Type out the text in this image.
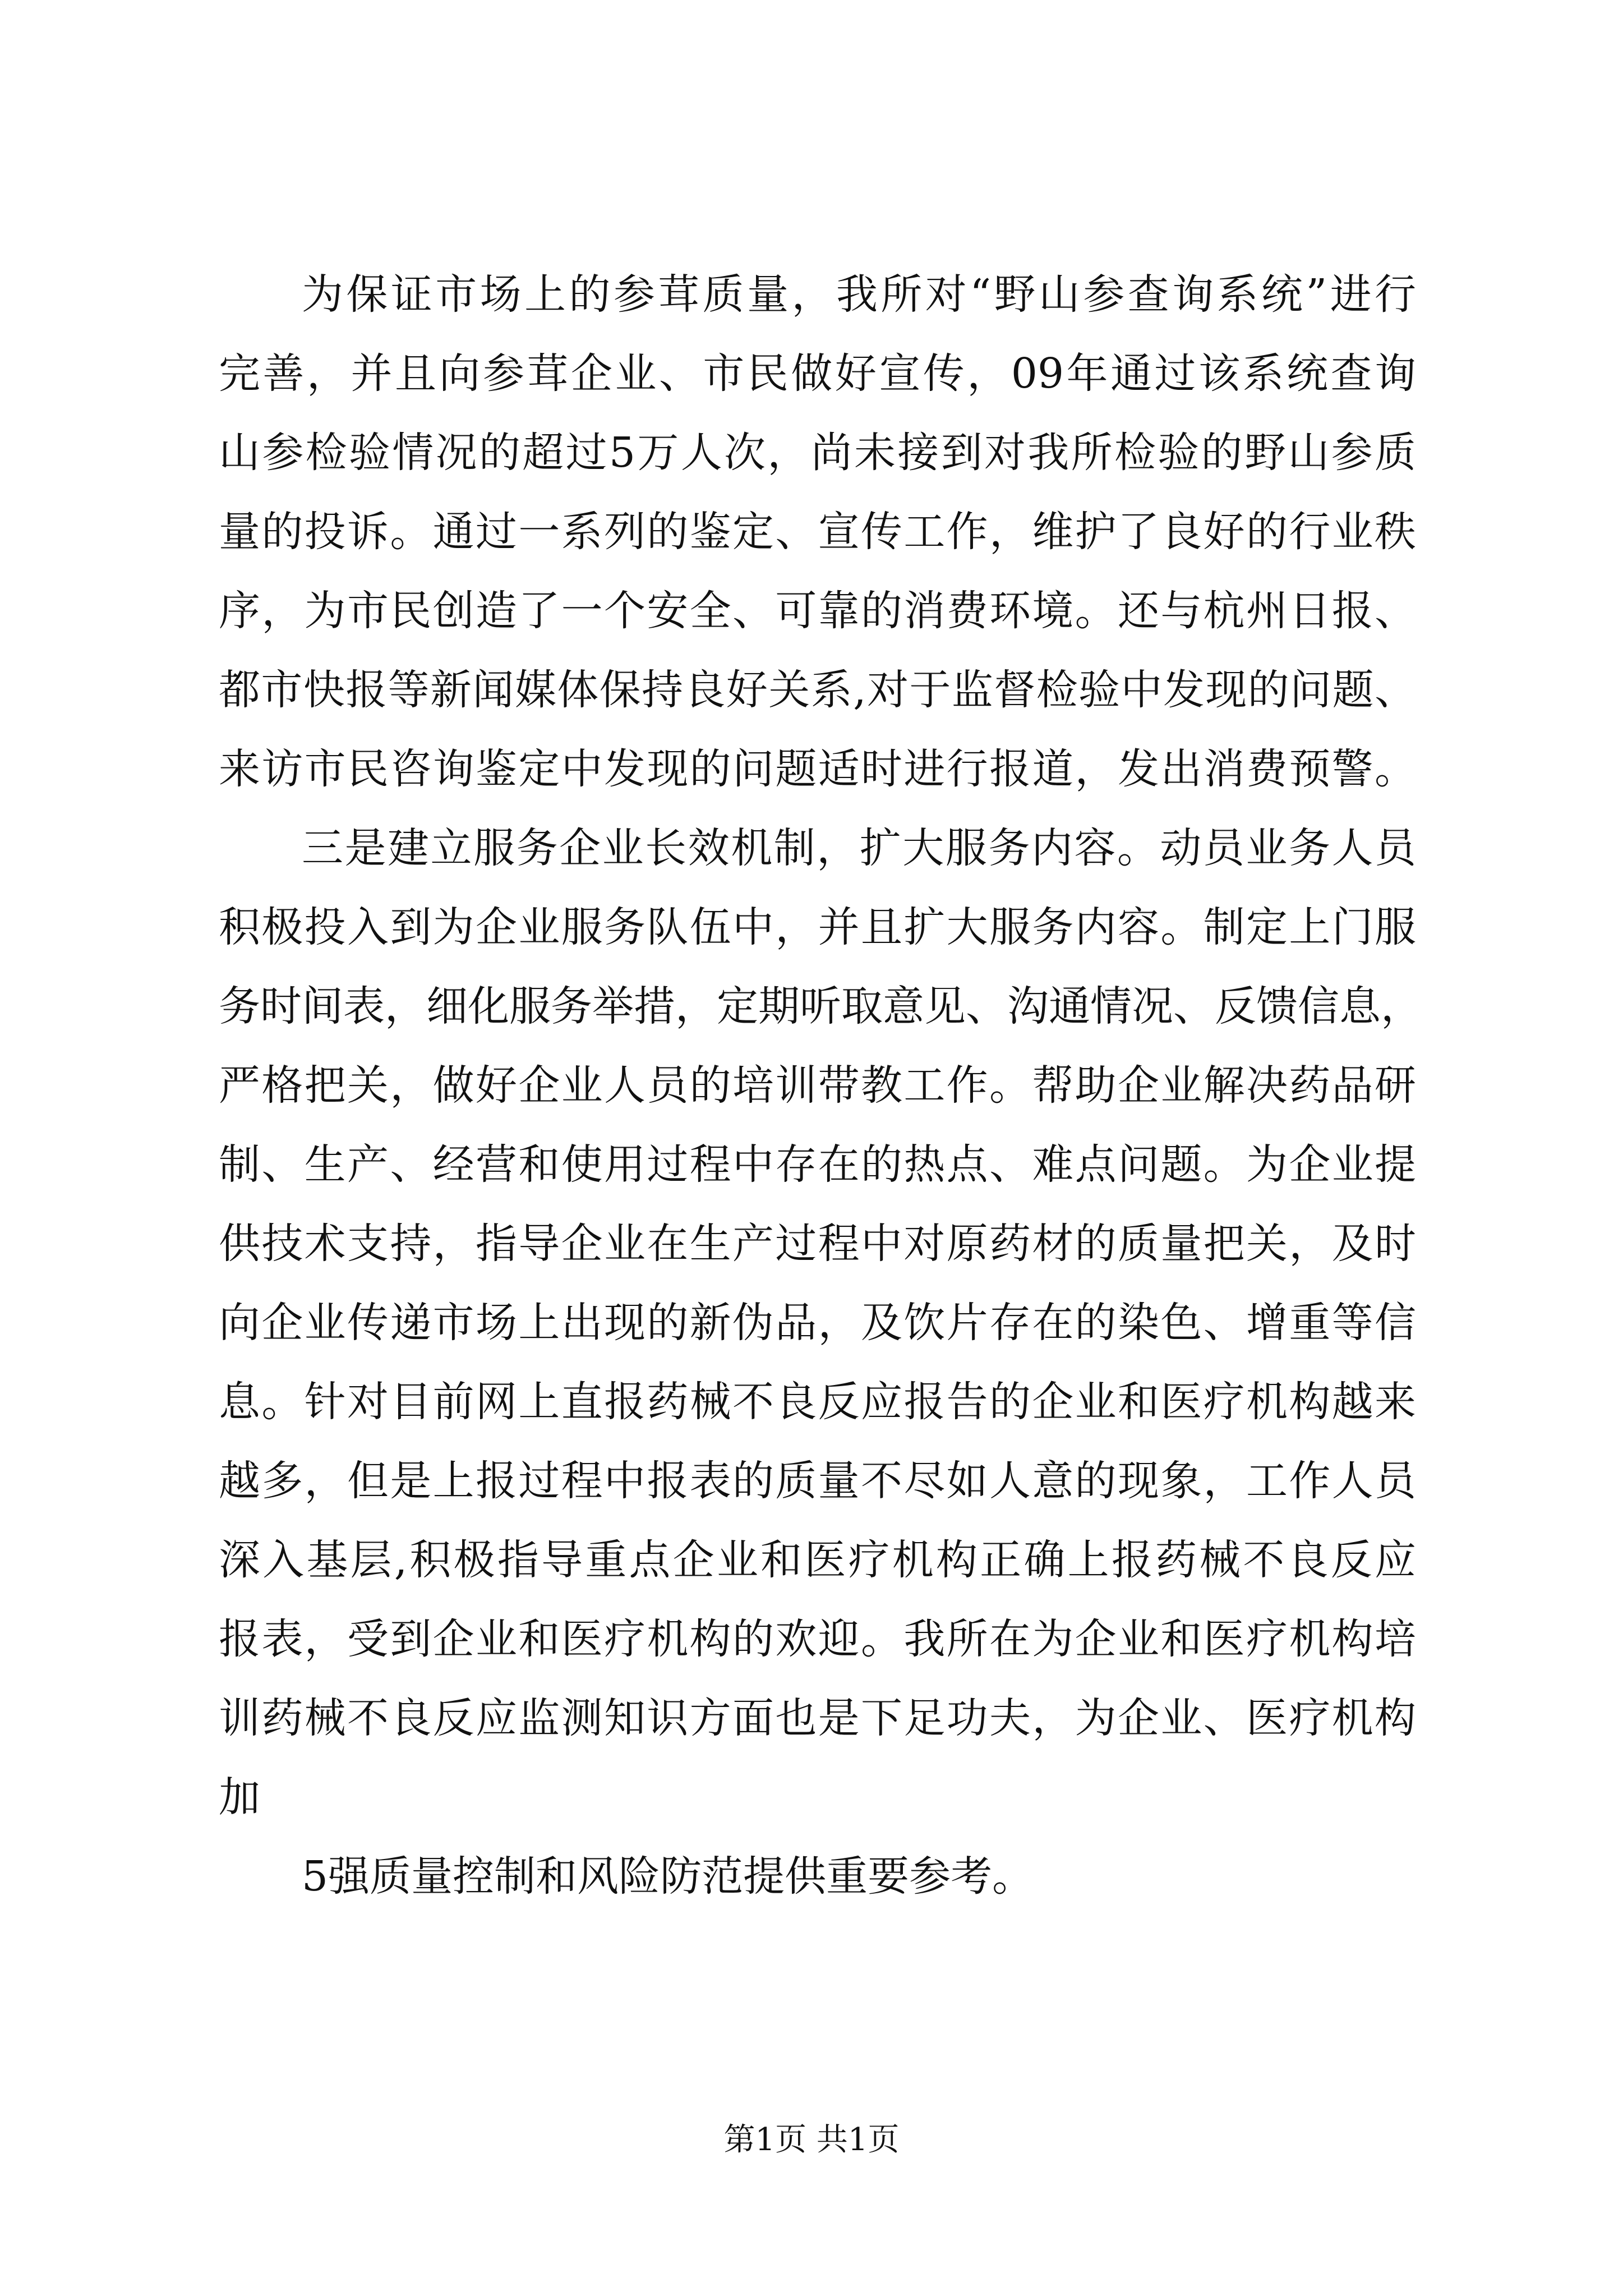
为保证市场上的参茸质量，我所对“野山参查询系统”进行
完善，并且向参茸企业、市民做好宣传，09年通过该系统查询
山参检验情况的超过5万人次，尚未接到对我所检验的野山参质
量的投诉。通过一系列的鉴定、宣传工作，维护了良好的行业秩
序，为市民创造了一个安全、可靠的消费环境。还与杭州日报、
都市快报等新闻媒体保持良好关系,对于监督检验中发现的问题、
来访市民咨询鉴定中发现的问题适时进行报道，发出消费预警。
三是建立服务企业长效机制，扩大服务内容。动员业务人员
积极投入到为企业服务队伍中，并且扩大服务内容。制定上门服
务时间表，细化服务举措，定期听取意见、沟通情况、反馈信息，
严格把关，做好企业人员的培训带教工作。帮助企业解决药品研
制、生产、经营和使用过程中存在的热点、难点问题。为企业提
供技术支持，指导企业在生产过程中对原药材的质量把关，及时
向企业传递市场上出现的新伪品，及饮片存在的染色、增重等信
息。针对目前网上直报药械不良反应报告的企业和医疗机构越来
越多，但是上报过程中报表的质量不尽如人意的现象，工作人员
深入基层,积极指导重点企业和医疗机构正确上报药械不良反应
报表，受到企业和医疗机构的欢迎。我所在为企业和医疗机构培
训药械不良反应监测知识方面也是下足功夫，为企业、医疗机构
加
5强质量控制和风险防范提供重要参考。
第1页 共1页
